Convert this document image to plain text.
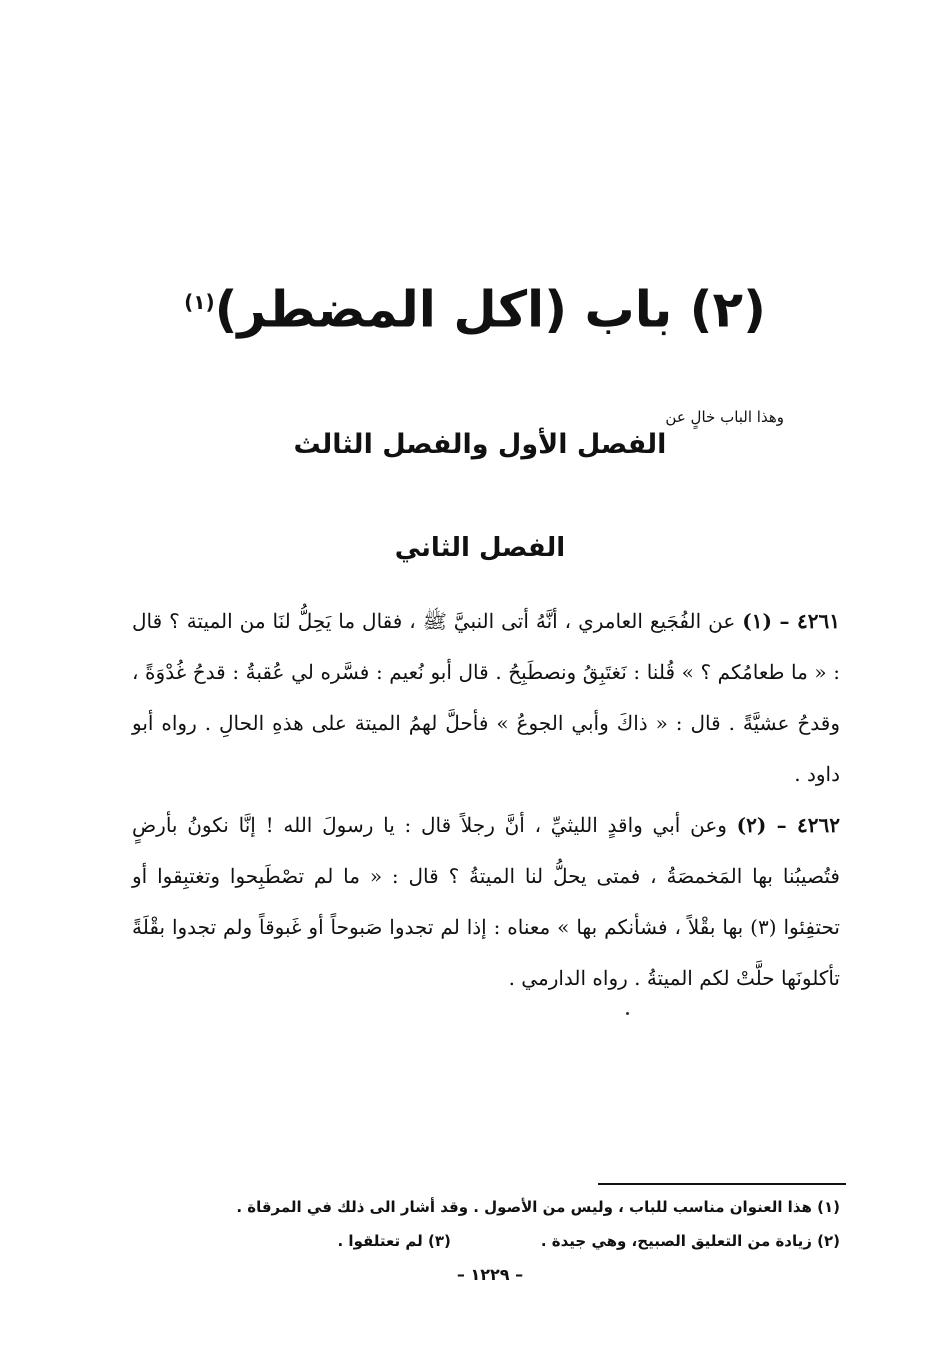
(٢) باب (اكل المضطر)$^{(١)}$
وهذا الباب خالٍ عن
الفصل الأول والفصل الثالث
الفصل الثاني
٤٢٦١ – (١) عن الفُجَيع العامري ، أنَّهُ أتى النبيَّ ﷺ ، فقال ما يَحِلُّ لنَا من الميتة ؟ قال : « ما طعامُكم ؟ » قُلنا : نَغتَبِقُ ونصطَبِحُ . قال أبو نُعيم : فسَّره لي عُقبةُ : قدحُ غُدْوَةً ، وقدحُ عشيَّةً . قال : « ذاكَ وأبي الجوعُ » فأحلَّ لهمُ الميتة على هذهِ الحالِ . رواه أبو داود .
٤٢٦٢ – (٢) وعن أبي واقدٍ الليثيِّ ، أنَّ رجلاً قال : يا رسولَ الله ! إنَّا نكونُ بأرضٍ فتُصيبُنا بها المَخمصَةُ ، فمتى يحلُّ لنا الميتةُ ؟ قال : « ما لم تصْطَبِحوا وتغتبِقوا أو تحتفِئوا (٣) بها بقْلاً ، فشأنكم بها » معناه : إذا لم تجدوا صَبوحاً أو غَبوقاً ولم تجدوا بقْلَةً تأكلونَها حلَّتْ لكم الميتةُ . رواه الدارمي .
(١) هذا العنوان مناسب للباب ، وليس من الأصول . وقد أشار الى ذلك في المرقاة .
(٢) زيادة من التعليق الصبيح، وهي جيدة .(٣) لم تعتلقوا .
– ١٢٢٩ –
